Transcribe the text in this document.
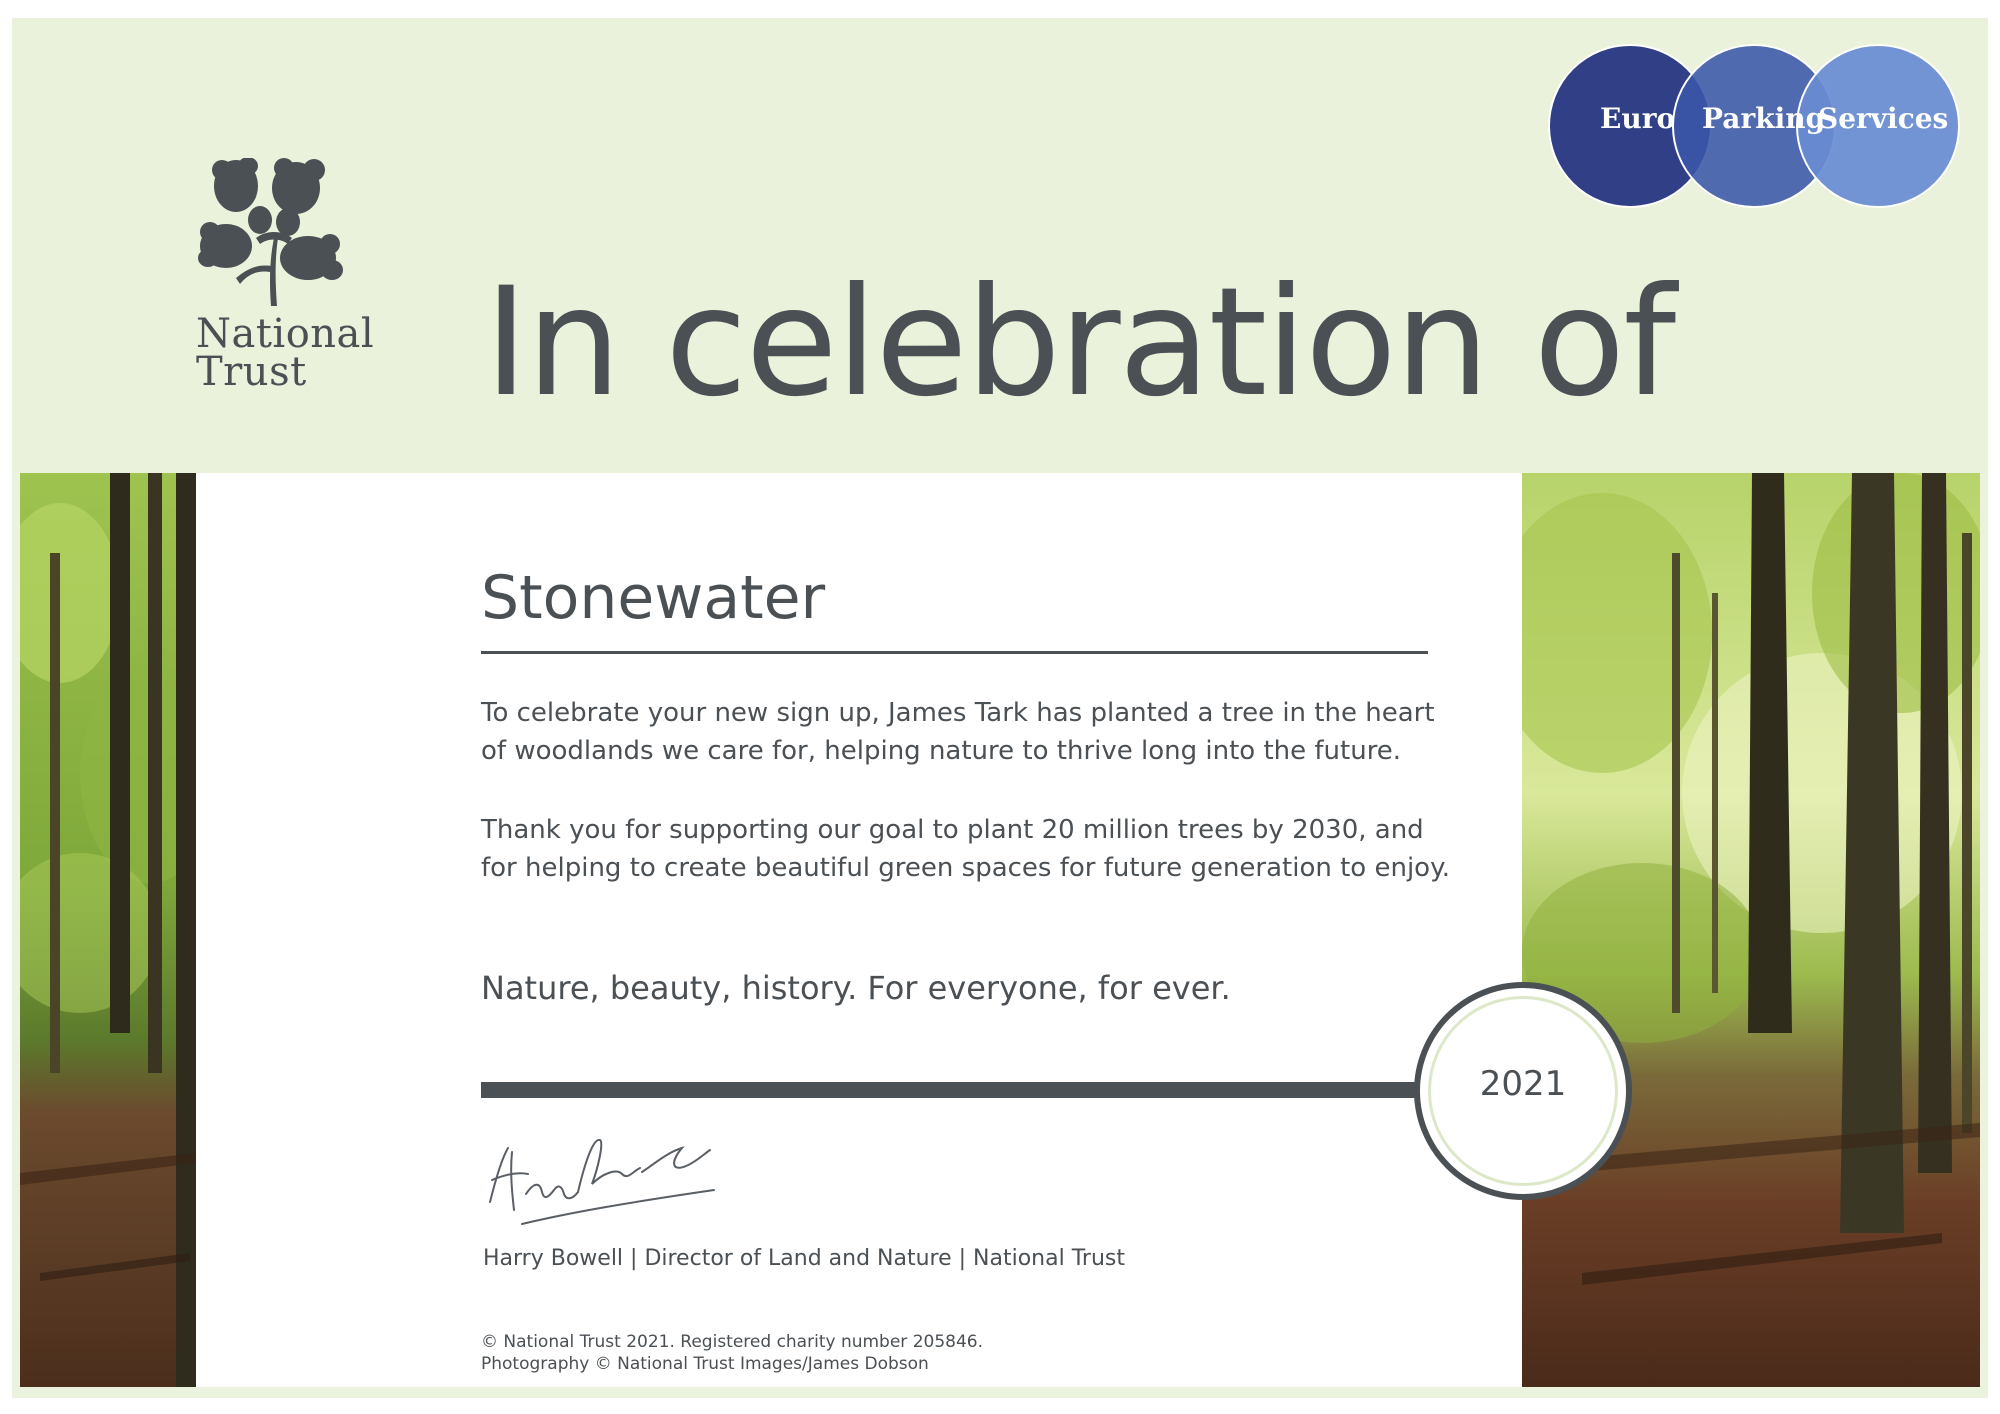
National
Trust
Euro Parking
Services
In celebration of
Stonewater
To celebrate your new sign up, James Tark has planted a tree in the heart of woodlands we care for, helping nature to thrive long into the future.
Thank you for supporting our goal to plant 20 million trees by 2030, and for helping to create beautiful green spaces for future generation to enjoy.
Nature, beauty, history. For everyone, for ever.
2021
Harry Bowell | Director of Land and Nature | National Trust
© National Trust 2021. Registered charity number 205846.
Photography © National Trust Images/James Dobson
